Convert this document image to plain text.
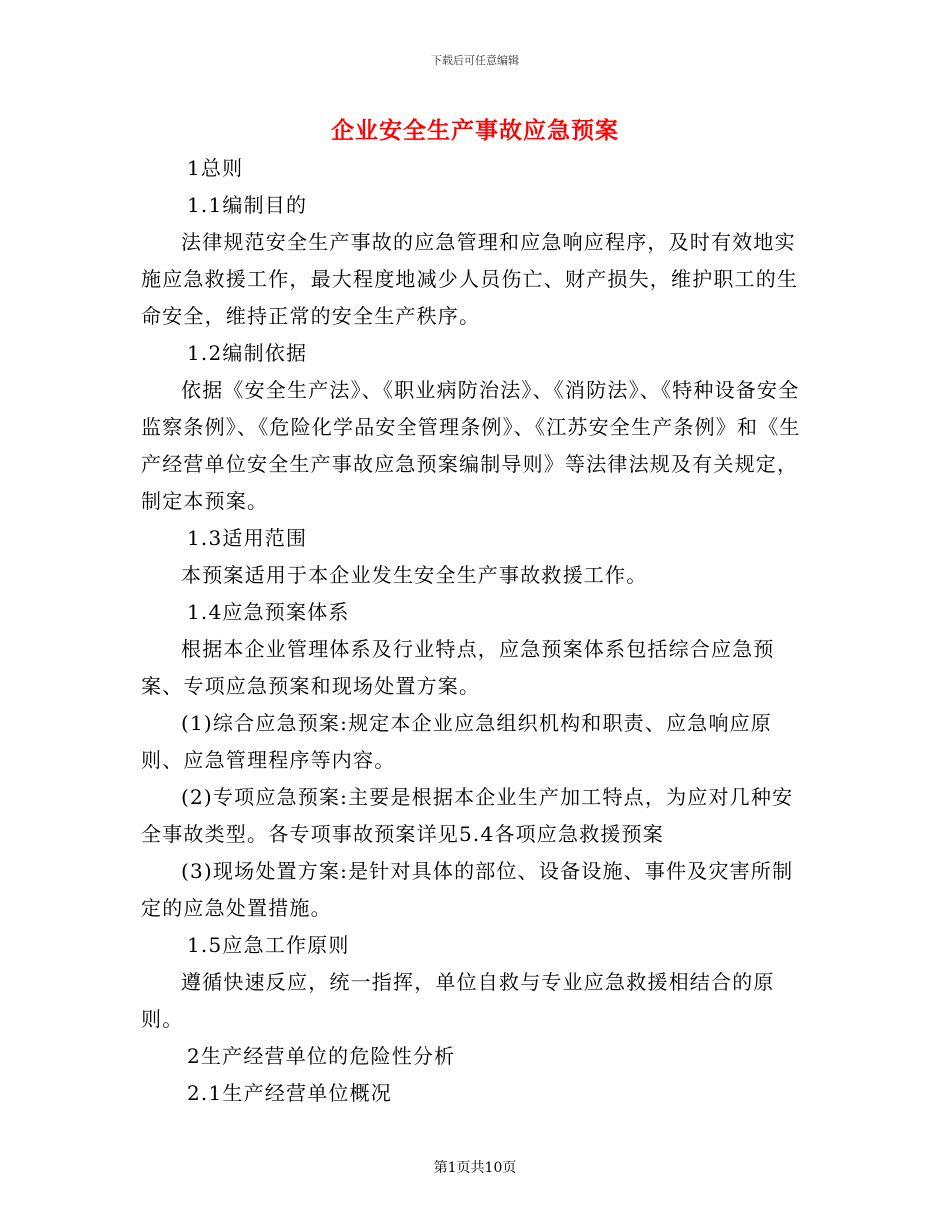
下载后可任意编辑
企业安全生产事故应急预案

1总则

1.1编制目的

法律规范安全生产事故的应急管理和应急响应程序，及时有效地实施应急救援工作，最大程度地减少人员伤亡、财产损失，维护职工的生命安全，维持正常的安全生产秩序。

1.2编制依据

依据《安全生产法》、《职业病防治法》、《消防法》、《特种设备安全监察条例》、《危险化学品安全管理条例》、《江苏安全生产条例》和《生产经营单位安全生产事故应急预案编制导则》等法律法规及有关规定，制定本预案。

1.3适用范围

本预案适用于本企业发生安全生产事故救援工作。

1.4应急预案体系

根据本企业管理体系及行业特点，应急预案体系包括综合应急预案、专项应急预案和现场处置方案。

(1)综合应急预案:规定本企业应急组织机构和职责、应急响应原则、应急管理程序等内容。

(2)专项应急预案:主要是根据本企业生产加工特点，为应对几种安全事故类型。各专项事故预案详见5.4各项应急救援预案

(3)现场处置方案:是针对具体的部位、设备设施、事件及灾害所制定的应急处置措施。

1.5应急工作原则

遵循快速反应，统一指挥，单位自救与专业应急救援相结合的原则。

2生产经营单位的危险性分析

2.1生产经营单位概况

第1页共10页
